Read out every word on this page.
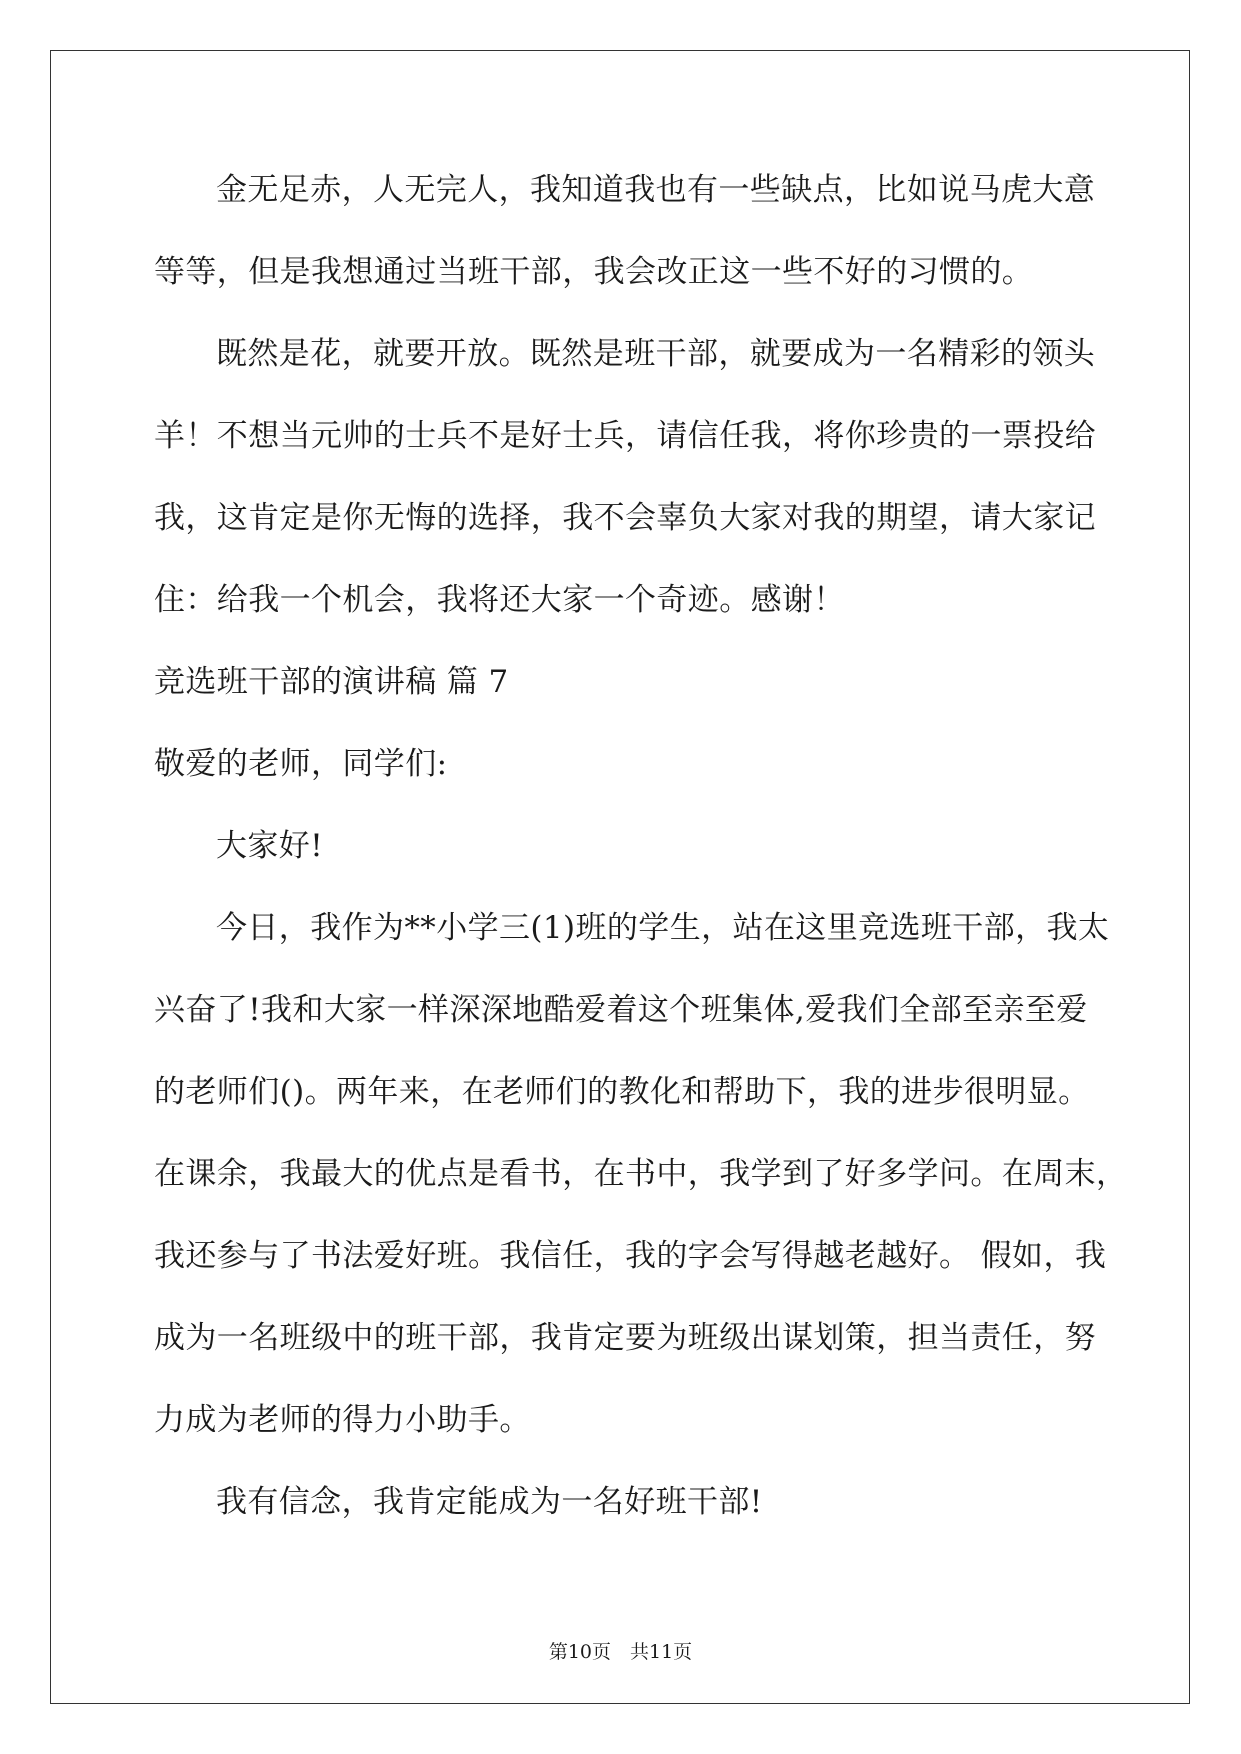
金无足赤，人无完人，我知道我也有一些缺点，比如说马虎大意
等等，但是我想通过当班干部，我会改正这一些不好的习惯的。
既然是花，就要开放。既然是班干部，就要成为一名精彩的领头
羊！不想当元帅的士兵不是好士兵，请信任我，将你珍贵的一票投给
我，这肯定是你无悔的选择，我不会辜负大家对我的期望，请大家记
住：给我一个机会，我将还大家一个奇迹。感谢！
竞选班干部的演讲稿 篇 7
敬爱的老师，同学们:
大家好!
今日，我作为**小学三(1)班的学生，站在这里竞选班干部，我太
兴奋了!我和大家一样深深地酷爱着这个班集体,爱我们全部至亲至爱
的老师们()。两年来，在老师们的教化和帮助下，我的进步很明显。
在课余，我最大的优点是看书，在书中，我学到了好多学问。在周末，
我还参与了书法爱好班。我信任，我的字会写得越老越好。 假如，我
成为一名班级中的班干部，我肯定要为班级出谋划策，担当责任，努
力成为老师的得力小助手。
我有信念，我肯定能成为一名好班干部!
第10页　共11页
